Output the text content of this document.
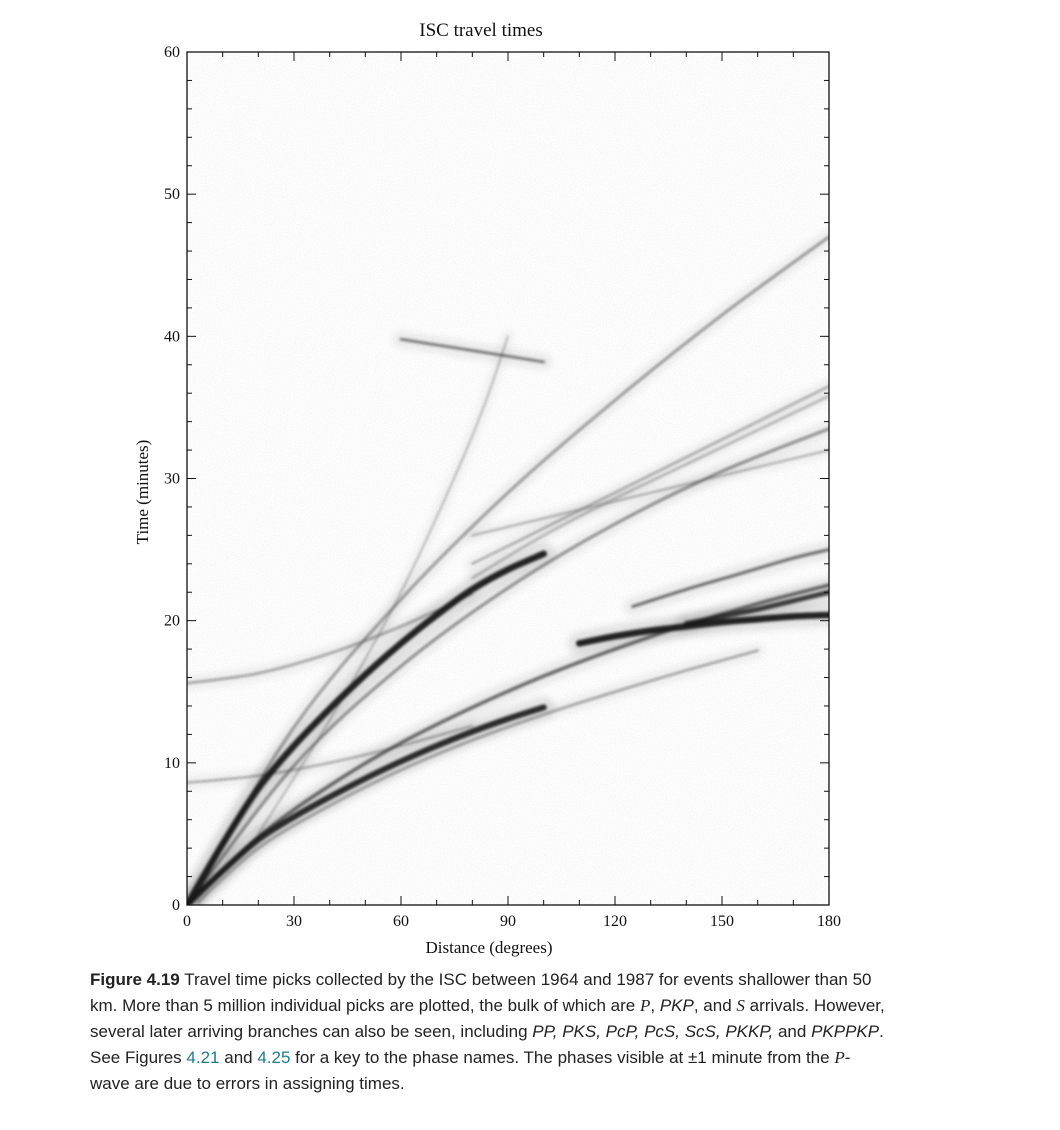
ISC travel times
0	30	60	90	120	150	180
0
10
20
30
40
50
60
Distance (degrees)
Time (minutes)
Figure 4.19 Travel time picks collected by the ISC between 1964 and 1987 for events shallower than 50 km. More than 5 million individual picks are plotted, the bulk of which are P, PKP, and S arrivals. However, several later arriving branches can also be seen, including PP, PKS, PcP, PcS, ScS, PKKP, and PKPPKP. See Figures 4.21 and 4.25 for a key to the phase names. The phases visible at ±1 minute from the P-wave are due to errors in assigning times.
